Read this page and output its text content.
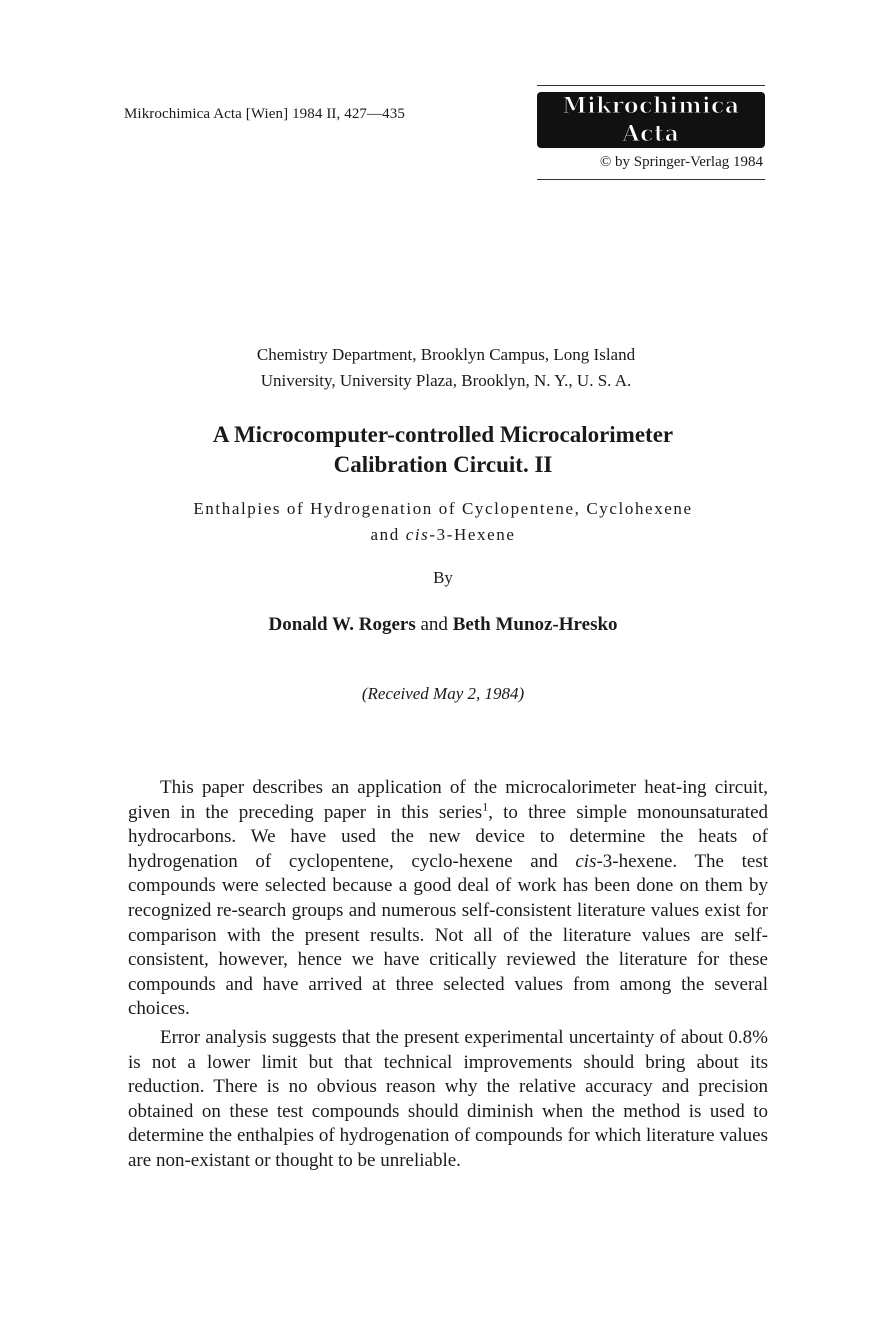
Mikrochimica Acta [Wien] 1984 II, 427—435	Mikrochimica Acta
© by Springer-Verlag 1984
Chemistry Department, Brooklyn Campus, Long Island
University, University Plaza, Brooklyn, N. Y., U. S. A.
A Microcomputer-controlled Microcalorimeter
Calibration Circuit. II
Enthalpies of Hydrogenation of Cyclopentene, Cyclohexene
and cis-3-Hexene
By
Donald W. Rogers and Beth Munoz-Hresko
(Received May 2, 1984)

This paper describes an application of the microcalorimeter heat-ing circuit, given in the preceding paper in this series$^1$, to three simple monounsaturated hydrocarbons. We have used the new device to determine the heats of hydrogenation of cyclopentene, cyclo-hexene and cis-3-hexene. The test compounds were selected because a good deal of work has been done on them by recognized re-search groups and numerous self-consistent literature values exist for comparison with the present results. Not all of the literature values are self-consistent, however, hence we have critically reviewed the literature for these compounds and have arrived at three selected values from among the several choices.

Error analysis suggests that the present experimental uncertainty of about 0.8% is not a lower limit but that technical improvements should bring about its reduction. There is no obvious reason why the relative accuracy and precision obtained on these test compounds should diminish when the method is used to determine the enthalpies of hydrogenation of compounds for which literature values are non-existant or thought to be unreliable.
